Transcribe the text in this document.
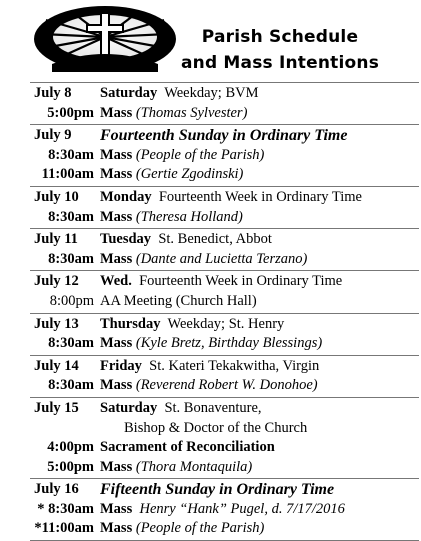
Parish Schedule
and Mass Intentions
July 8	Saturday Weekday; BVM
5:00pm Mass (Thomas Sylvester)
July 9	Fourteenth Sunday in Ordinary Time
8:30am Mass (People of the Parish)
11:00am Mass (Gertie Zgodinski)
July 10	Monday Fourteenth Week in Ordinary Time
8:30am Mass (Theresa Holland)
July 11	Tuesday St. Benedict, Abbot
8:30am Mass (Dante and Lucietta Terzano)
July 12	Wed. Fourteenth Week in Ordinary Time
8:00pm AA Meeting (Church Hall)
July 13	Thursday Weekday; St. Henry
8:30am Mass (Kyle Bretz, Birthday Blessings)
July 14	Friday St. Kateri Tekakwitha, Virgin
8:30am Mass (Reverend Robert W. Donohoe)
July 15	Saturday St. Bonaventure,
Bishop & Doctor of the Church
4:00pm Sacrament of Reconciliation
5:00pm Mass (Thora Montaquila)
July 16	Fifteenth Sunday in Ordinary Time
* 8:30am Mass Henry “Hank” Pugel, d. 7/17/2016
*11:00am Mass (People of the Parish)
